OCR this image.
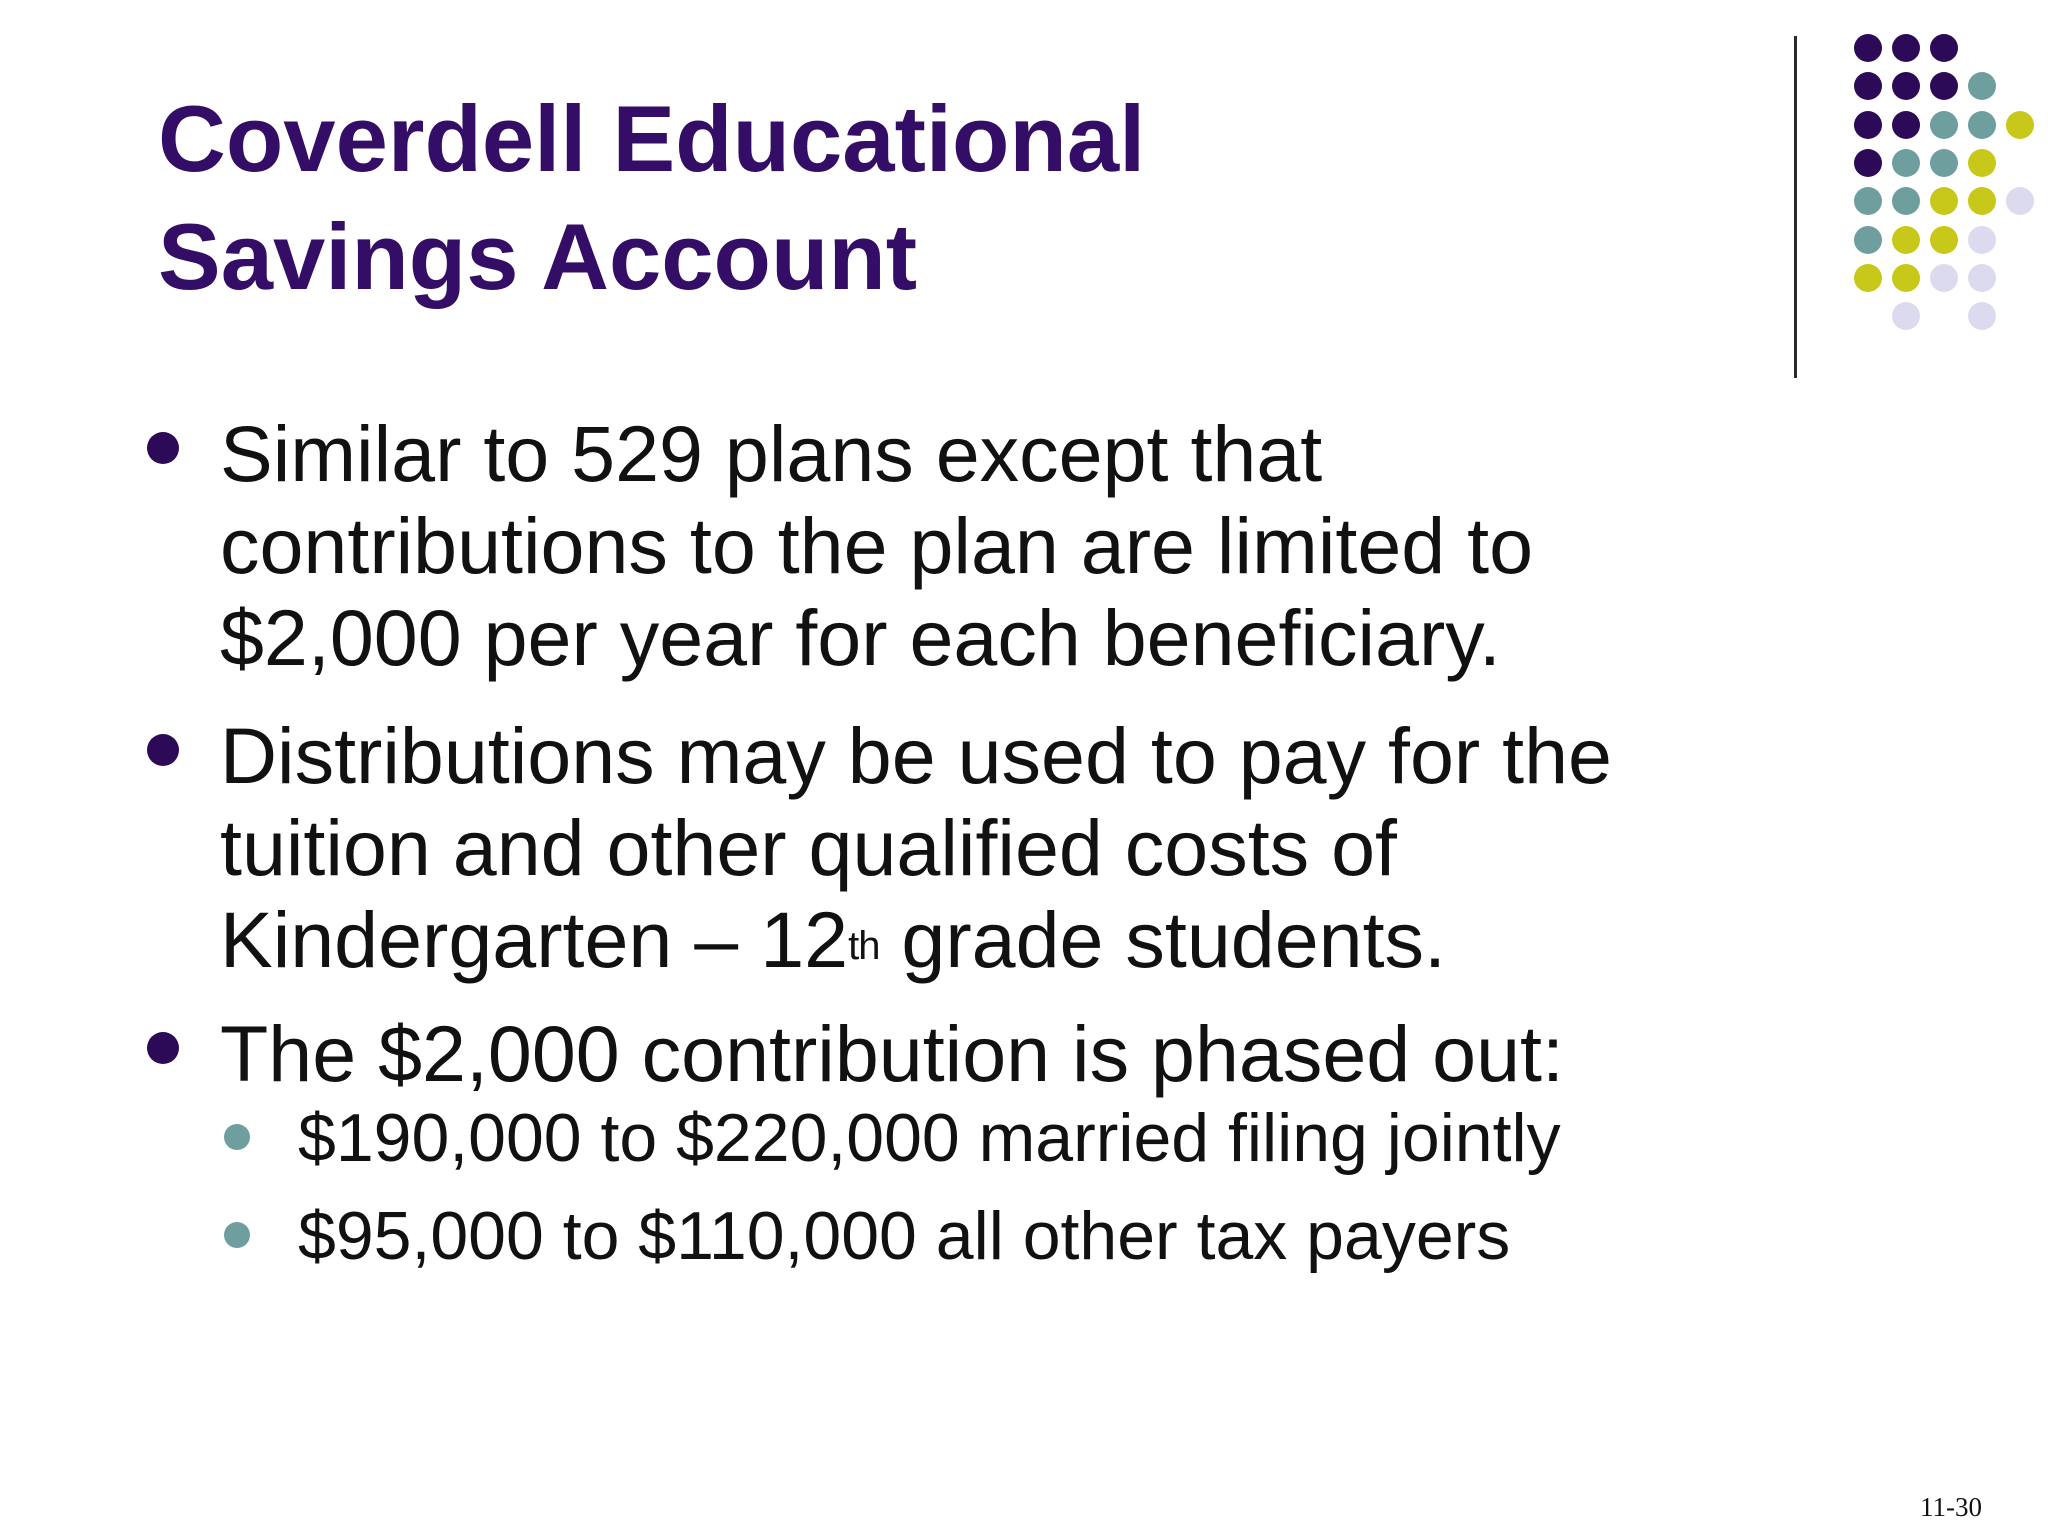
Coverdell Educational
Savings Account

Similar to 529 plans except that
contributions to the plan are limited to
$2,000 per year for each beneficiary.

Distributions may be used to pay for the
tuition and other qualified costs of
Kindergarten – 12th grade students.

The $2,000 contribution is phased out:

$190,000 to $220,000 married filing jointly

$95,000 to $110,000 all other tax payers

11-30
